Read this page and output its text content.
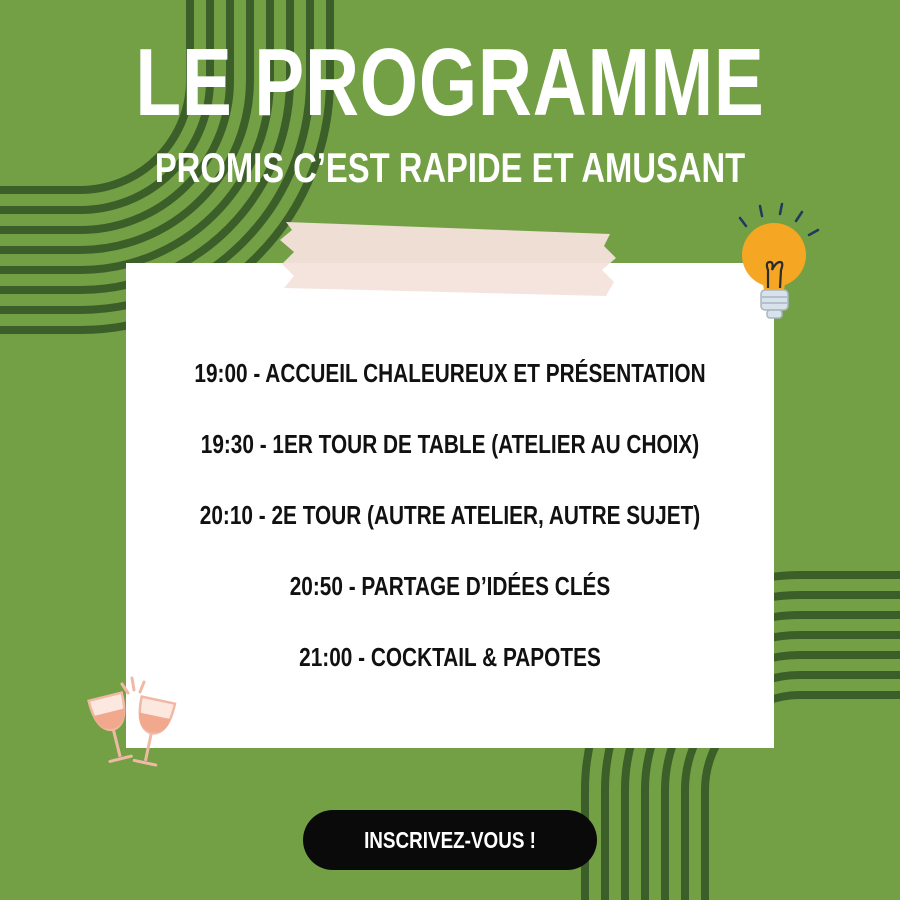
LE PROGRAMME
PROMIS C’EST RAPIDE ET AMUSANT
19:00 - ACCUEIL CHALEUREUX ET PRÉSENTATION
19:30 - 1ER TOUR DE TABLE (ATELIER AU CHOIX)
20:10 - 2E TOUR (AUTRE ATELIER, AUTRE SUJET)
20:50 - PARTAGE D’IDÉES CLÉS
21:00 - COCKTAIL & PAPOTES
INSCRIVEZ-VOUS !
